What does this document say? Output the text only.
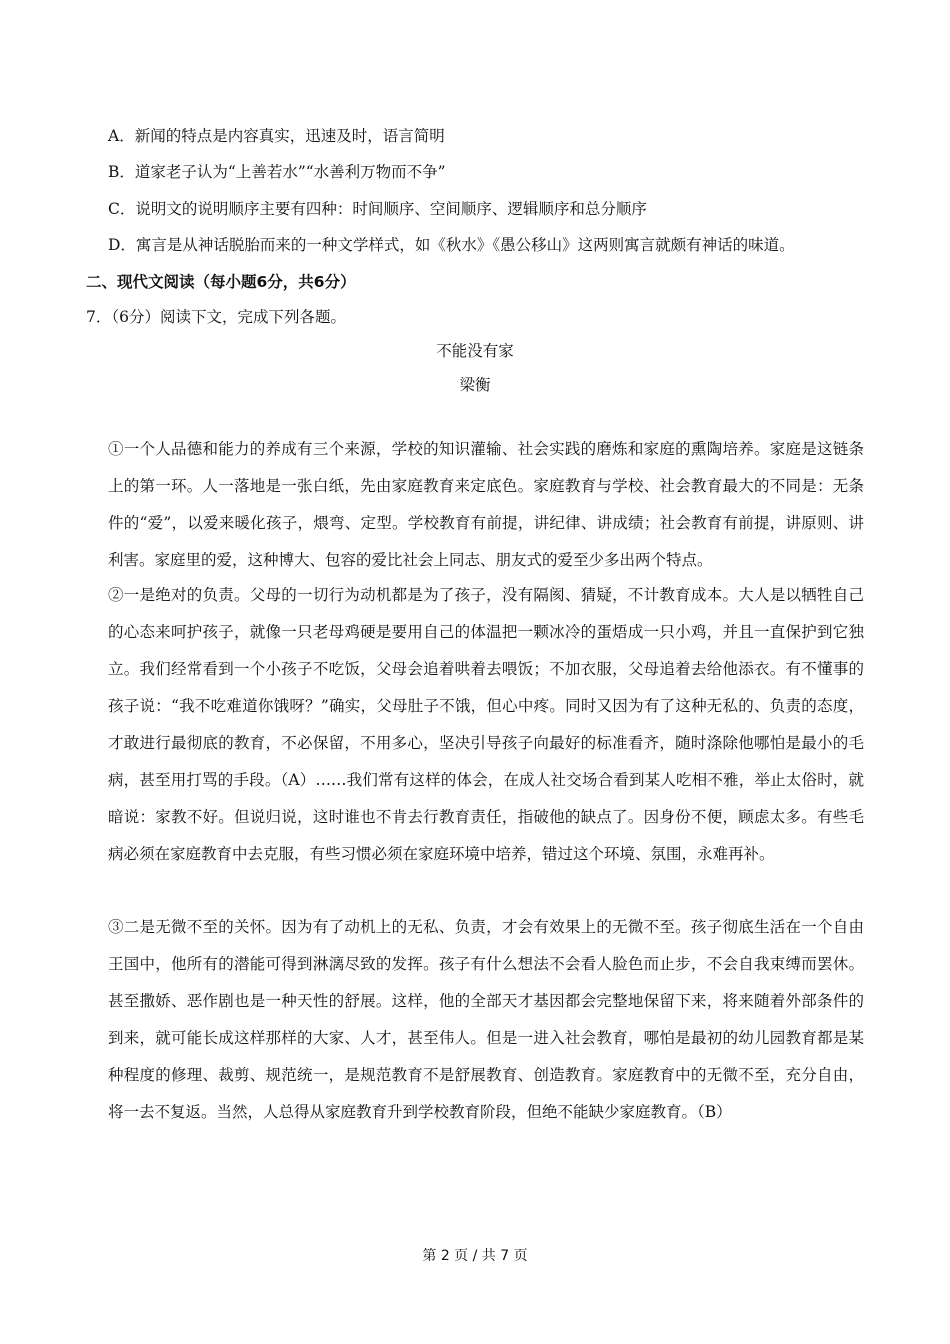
A．新闻的特点是内容真实，迅速及时，语言简明
B．道家老子认为“上善若水”“水善利万物而不争”
C．说明文的说明顺序主要有四种：时间顺序、空间顺序、逻辑顺序和总分顺序
D．寓言是从神话脱胎而来的一种文学样式，如《秋水》《愚公移山》这两则寓言就颇有神话的味道。
二、现代文阅读（每小题6分，共6分）
7．（6分）阅读下文，完成下列各题。
不能没有家
梁衡

①一个人品德和能力的养成有三个来源，学校的知识灌输、社会实践的磨炼和家庭的熏陶培养。家庭是这链条上的第一环。人一落地是一张白纸，先由家庭教育来定底色。家庭教育与学校、社会教育最大的不同是：无条件的“爱”，以爱来暖化孩子，煨弯、定型。学校教育有前提，讲纪律、讲成绩；社会教育有前提，讲原则、讲利害。家庭里的爱，这种博大、包容的爱比社会上同志、朋友式的爱至少多出两个特点。

②一是绝对的负责。父母的一切行为动机都是为了孩子，没有隔阂、猜疑，不计教育成本。大人是以牺牲自己的心态来呵护孩子，就像一只老母鸡硬是要用自己的体温把一颗冰冷的蛋焐成一只小鸡，并且一直保护到它独立。我们经常看到一个小孩子不吃饭，父母会追着哄着去喂饭；不加衣服，父母追着去给他添衣。有不懂事的孩子说：“我不吃难道你饿呀？”确实，父母肚子不饿，但心中疼。同时又因为有了这种无私的、负责的态度，才敢进行最彻底的教育，不必保留，不用多心，坚决引导孩子向最好的标准看齐，随时涤除他哪怕是最小的毛病，甚至用打骂的手段。（A）……我们常有这样的体会，在成人社交场合看到某人吃相不雅，举止太俗时，就暗说：家教不好。但说归说，这时谁也不肯去行教育责任，指破他的缺点了。因身份不便，顾虑太多。有些毛病必须在家庭教育中去克服，有些习惯必须在家庭环境中培养，错过这个环境、氛围，永难再补。

③二是无微不至的关怀。因为有了动机上的无私、负责，才会有效果上的无微不至。孩子彻底生活在一个自由王国中，他所有的潜能可得到淋漓尽致的发挥。孩子有什么想法不会看人脸色而止步，不会自我束缚而罢休。甚至撒娇、恶作剧也是一种天性的舒展。这样，他的全部天才基因都会完整地保留下来，将来随着外部条件的到来，就可能长成这样那样的大家、人才，甚至伟人。但是一进入社会教育，哪怕是最初的幼儿园教育都是某种程度的修理、裁剪、规范统一，是规范教育不是舒展教育、创造教育。家庭教育中的无微不至，充分自由，将一去不复返。当然，人总得从家庭教育升到学校教育阶段，但绝不能缺少家庭教育。（B）

第 2 页 / 共 7 页
